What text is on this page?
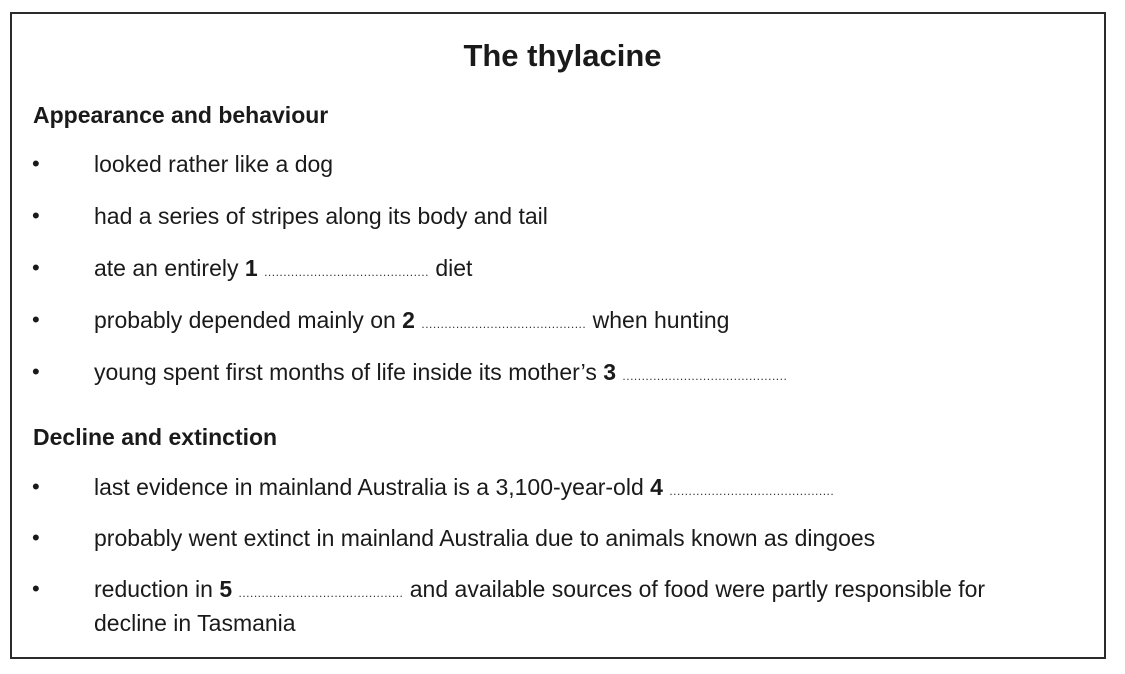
The thylacine
Appearance and behaviour
• looked rather like a dog
• had a series of stripes along its body and tail
• ate an entirely 1 ........................................... diet
• probably depended mainly on 2 ........................................... when hunting
• young spent first months of life inside its mother’s 3 ...........................................
Decline and extinction
• last evidence in mainland Australia is a 3,100-year-old 4 ...........................................
• probably went extinct in mainland Australia due to animals known as dingoes
• reduction in 5 ........................................... and available sources of food were partly responsible for decline in Tasmania
